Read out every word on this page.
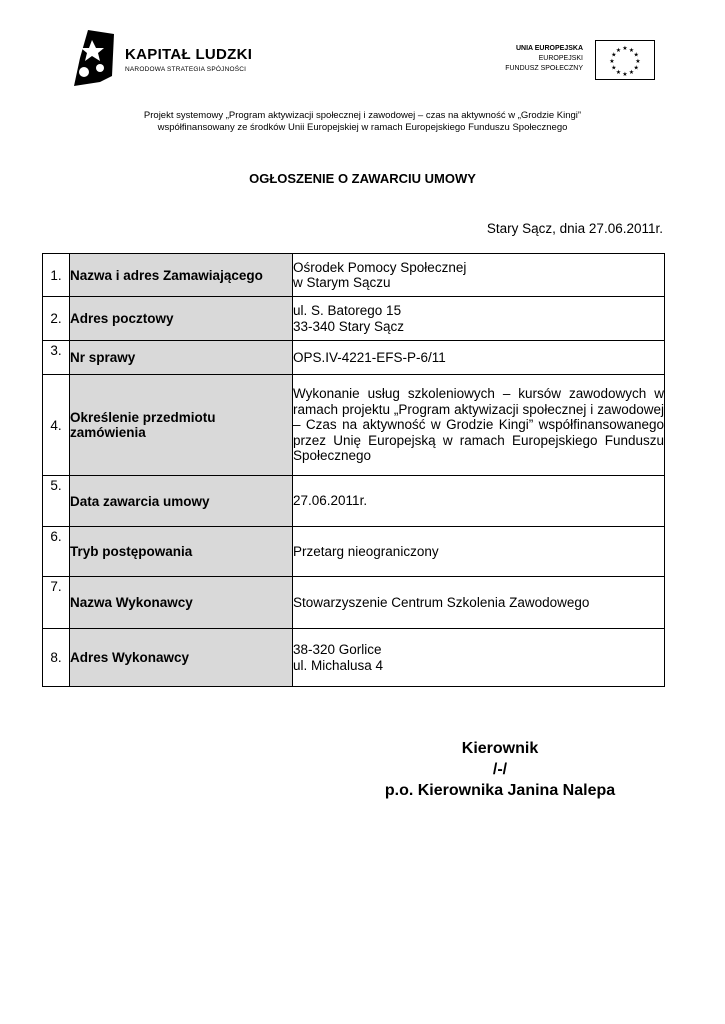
KAPITAŁ LUDZKI
NARODOWA STRATEGIA SPÓJNOŚCI
UNIA EUROPEJSKA
EUROPEJSKI
FUNDUSZ SPOŁECZNY
★ ★
★
★
★
★
★
★
★
★
★
★
Projekt systemowy „Program aktywizacji społecznej i zawodowej – czas na aktywność w „Grodzie Kingi”
współfinansowany ze środków Unii Europejskiej w ramach Europejskiego Funduszu Społecznego
OGŁOSZENIE O ZAWARCIU UMOWY
Stary Sącz, dnia 27.06.2011r.
1.	Nazwa i adres Zamawiającego	Ośrodek Pomocy Społecznej
w Starym Sączu

2.	Adres pocztowy	ul. S. Batorego 15
33-340 Stary Sącz

3.	Nr sprawy	OPS.IV-4221-EFS-P-6/11

4.	Określenie przedmiotu zamówienia	Wykonanie usług szkoleniowych – kursów zawodowych w ramach projektu „Program aktywizacji społecznej i zawodowej – Czas na aktywność w Grodzie Kingi” współfinansowanego przez Unię Europejską w ramach Europejskiego Funduszu Społecznego

5.	Data zawarcia umowy	27.06.2011r.

6.	Tryb postępowania	Przetarg nieograniczony

7.	Nazwa Wykonawcy	Stowarzyszenie Centrum Szkolenia Zawodowego

8.	Adres Wykonawcy	38-320 Gorlice
ul. Michalusa 4
Kierownik
/-/
p.o. Kierownika Janina Nalepa
